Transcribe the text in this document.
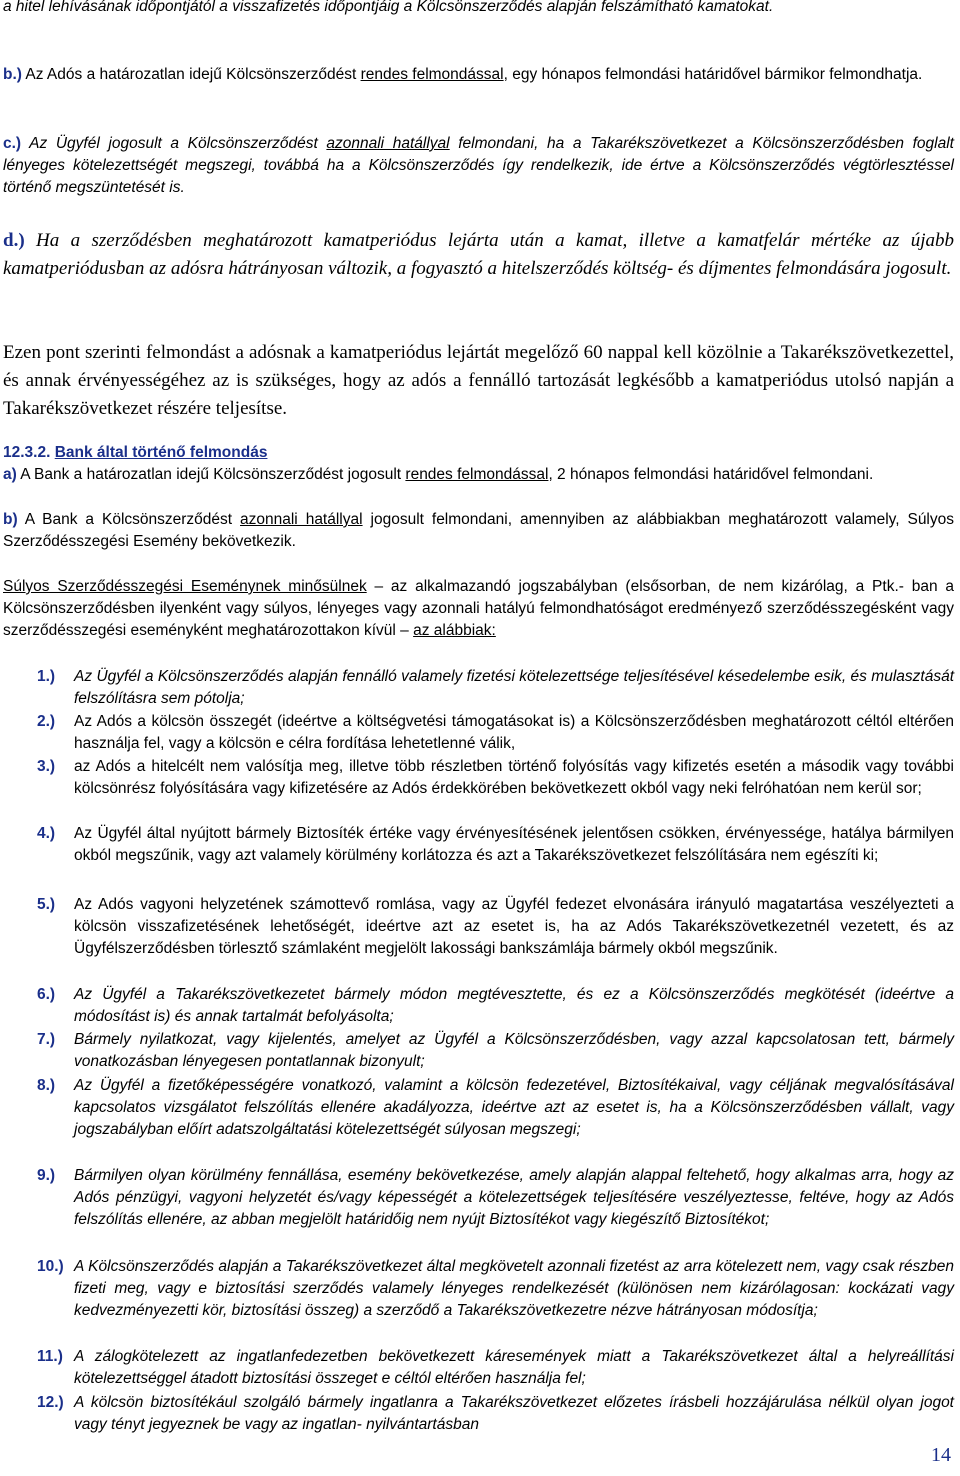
a hitel lehívásának időpontjától a visszafizetés időpontjáig a Kölcsönszerződés alapján felszámítható kamatokat.

b.) Az Adós a határozatlan idejű Kölcsönszerződést rendes felmondással, egy hónapos felmondási határidővel bármikor felmondhatja.

c.) Az Ügyfél jogosult a Kölcsönszerződést azonnali hatállyal felmondani, ha a Takarékszövetkezet a Kölcsönszerződésben foglalt lényeges kötelezettségét megszegi, továbbá ha a Kölcsönszerződés így rendelkezik, ide értve a Kölcsönszerződés végtörlesztéssel történő megszüntetését is.

d.) Ha a szerződésben meghatározott kamatperiódus lejárta után a kamat, illetve a kamatfelár mértéke az újabb kamatperiódusban az adósra hátrányosan változik, a fogyasztó a hitelszerződés költség- és díjmentes felmondására jogosult.

Ezen pont szerinti felmondást a adósnak a kamatperiódus lejártát megelőző 60 nappal kell közölnie a Takarékszövetkezettel, és annak érvényességéhez az is szükséges, hogy az adós a fennálló tartozását legkésőbb a kamatperiódus utolsó napján a Takarékszövetkezet részére teljesítse.

12.3.2. Bank által történő felmondás

a) A Bank a határozatlan idejű Kölcsönszerződést jogosult rendes felmondással, 2 hónapos felmondási határidővel felmondani.

b) A Bank a Kölcsönszerződést azonnali hatállyal jogosult felmondani, amennyiben az alábbiakban meghatározott valamely, Súlyos Szerződésszegési Esemény bekövetkezik.

Súlyos Szerződésszegési Eseménynek minősülnek – az alkalmazandó jogszabályban (elsősorban, de nem kizárólag, a Ptk.- ban a Kölcsönszerződésben ilyenként vagy súlyos, lényeges vagy azonnali hatályú felmondhatóságot eredményező szerződésszegésként vagy szerződésszegési eseményként meghatározottakon kívül – az alábbiak:

1.)	Az Ügyfél a Kölcsönszerződés alapján fennálló valamely fizetési kötelezettsége teljesítésével késedelembe esik, és mulasztását felszólításra sem pótolja;

2.)	Az Adós a kölcsön összegét (ideértve a költségvetési támogatásokat is) a Kölcsönszerződésben meghatározott céltól eltérően használja fel, vagy a kölcsön e célra fordítása lehetetlenné válik,

3.)	az Adós a hitelcélt nem valósítja meg, illetve több részletben történő folyósítás vagy kifizetés esetén a második vagy további kölcsönrész folyósítására vagy kifizetésére az Adós érdekkörében bekövetkezett okból vagy neki felróhatóan nem kerül sor;

4.)	Az Ügyfél által nyújtott bármely Biztosíték értéke vagy érvényesítésének jelentősen csökken, érvényessége, hatálya bármilyen okból megszűnik, vagy azt valamely körülmény korlátozza és azt a Takarékszövetkezet felszólítására nem egészíti ki;

5.)	Az Adós vagyoni helyzetének számottevő romlása, vagy az Ügyfél fedezet elvonására irányuló magatartása veszélyezteti a kölcsön visszafizetésének lehetőségét, ideértve azt az esetet is, ha az Adós Takarékszövetkezetnél vezetett, és az Ügyfélszerződésben törlesztő számlaként megjelölt lakossági bankszámlája bármely okból megszűnik.

6.)	Az Ügyfél a Takarékszövetkezetet bármely módon megtévesztette, és ez a Kölcsönszerződés megkötését (ideértve a módosítást is) és annak tartalmát befolyásolta;

7.)	Bármely nyilatkozat, vagy kijelentés, amelyet az Ügyfél a Kölcsönszerződésben, vagy azzal kapcsolatosan tett, bármely vonatkozásban lényegesen pontatlannak bizonyult;

8.)	Az Ügyfél a fizetőképességére vonatkozó, valamint a kölcsön fedezetével, Biztosítékaival, vagy céljának megvalósításával kapcsolatos vizsgálatot felszólítás ellenére akadályozza, ideértve azt az esetet is, ha a Kölcsönszerződésben vállalt, vagy jogszabályban előírt adatszolgáltatási kötelezettségét súlyosan megszegi;

9.)	Bármilyen olyan körülmény fennállása, esemény bekövetkezése, amely alapján alappal feltehető, hogy alkalmas arra, hogy az Adós pénzügyi, vagyoni helyzetét és/vagy képességét a kötelezettségek teljesítésére veszélyeztesse, feltéve, hogy az Adós felszólítás ellenére, az abban megjelölt határidőig nem nyújt Biztosítékot vagy kiegészítő Biztosítékot;

10.) A Kölcsönszerződés alapján a Takarékszövetkezet által megkövetelt azonnali fizetést az arra kötelezett nem, vagy csak részben fizeti meg, vagy e biztosítási szerződés valamely lényeges rendelkezését (különösen nem kizárólagosan: kockázati vagy kedvezményezetti kör, biztosítási összeg) a szerződő a Takarékszövetkezetre nézve hátrányosan módosítja;

11.) A zálogkötelezett az ingatlanfedezetben bekövetkezett káresemények miatt a Takarékszövetkezet által a helyreállítási kötelezettséggel átadott biztosítási összeget e céltól eltérően használja fel;

12.) A kölcsön biztosítékául szolgáló bármely ingatlanra a Takarékszövetkezet előzetes írásbeli hozzájárulása nélkül olyan jogot vagy tényt jegyeznek be vagy az ingatlan- nyilvántartásban

14
